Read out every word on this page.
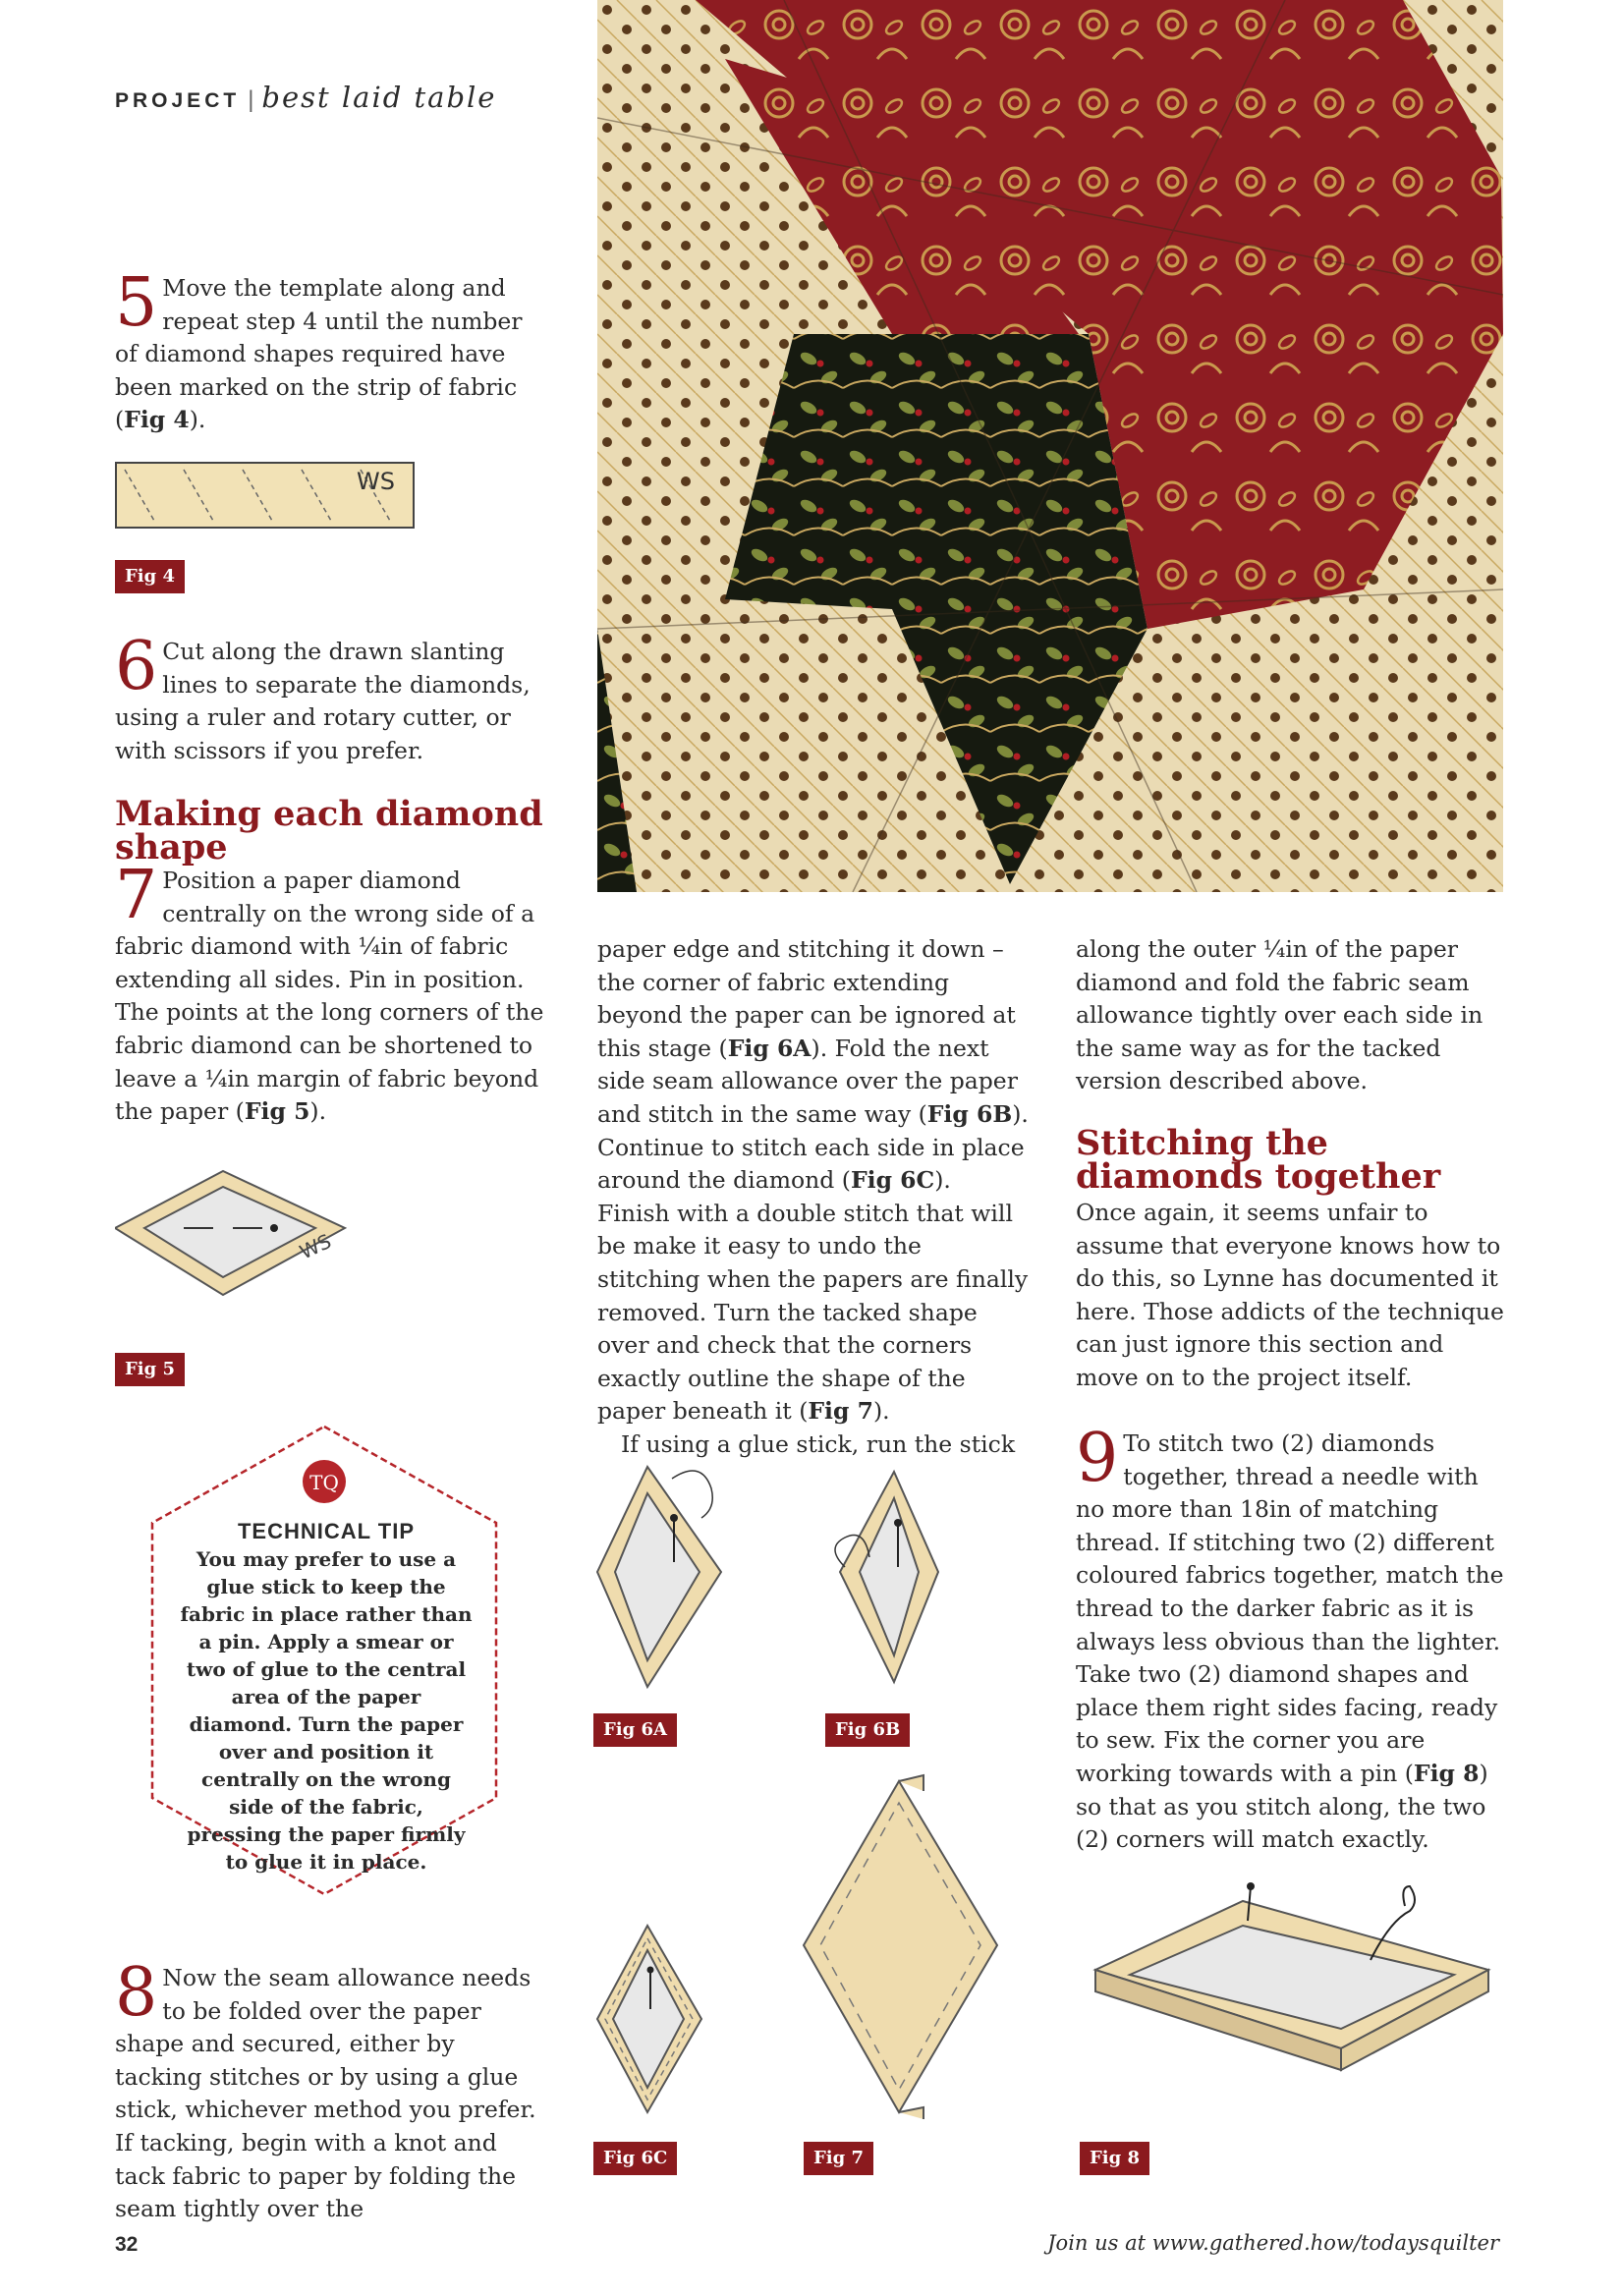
PROJECT | best laid table
5 Move the template along and repeat step 4 until the number of diamond shapes required have been marked on the strip of fabric (Fig 4).
WS
Fig 4
6 Cut along the drawn slanting lines to separate the diamonds, using a ruler and rotary cutter, or with scissors if you prefer.
Making each diamond shape
7 Position a paper diamond centrally on the wrong side of a fabric diamond with ¼in of fabric extending all sides. Pin in position. The points at the long corners of the fabric diamond can be shortened to leave a ¼in margin of fabric beyond the paper (Fig 5).
WS
Fig 5
TQ
TECHNICAL TIP
You may prefer to use a glue stick to keep the fabric in place rather than a pin. Apply a smear or two of glue to the central area of the paper diamond. Turn the paper over and position it centrally on the wrong side of the fabric, pressing the paper firmly to glue it in place.
8 Now the seam allowance needs to be folded over the paper shape and secured, either by tacking stitches or by using a glue stick, whichever method you prefer. If tacking, begin with a knot and tack fabric to paper by folding the seam tightly over the
paper edge and stitching it down – the corner of fabric extending beyond the paper can be ignored at this stage (Fig 6A). Fold the next side seam allowance over the paper and stitch in the same way (Fig 6B). Continue to stitch each side in place around the diamond (Fig 6C). Finish with a double stitch that will be make it easy to undo the stitching when the papers are finally removed. Turn the tacked shape over and check that the corners exactly outline the shape of the paper beneath it (Fig 7).
If using a glue stick, run the stick
Fig 6A	Fig 6B
Fig 6C	Fig 7
along the outer ¼in of the paper diamond and fold the fabric seam allowance tightly over each side in the same way as for the tacked version described above.
Stitching the diamonds together
Once again, it seems unfair to assume that everyone knows how to do this, so Lynne has documented it here. Those addicts of the technique can just ignore this section and move on to the project itself.
9 To stitch two (2) diamonds together, thread a needle with no more than 18in of matching thread. If stitching two (2) different coloured fabrics together, match the thread to the darker fabric as it is always less obvious than the lighter. Take two (2) diamond shapes and place them right sides facing, ready to sew. Fix the corner you are working towards with a pin (Fig 8) so that as you stitch along, the two (2) corners will match exactly.
Fig 8
32	Join us at www.gathered.how/todaysquilter
